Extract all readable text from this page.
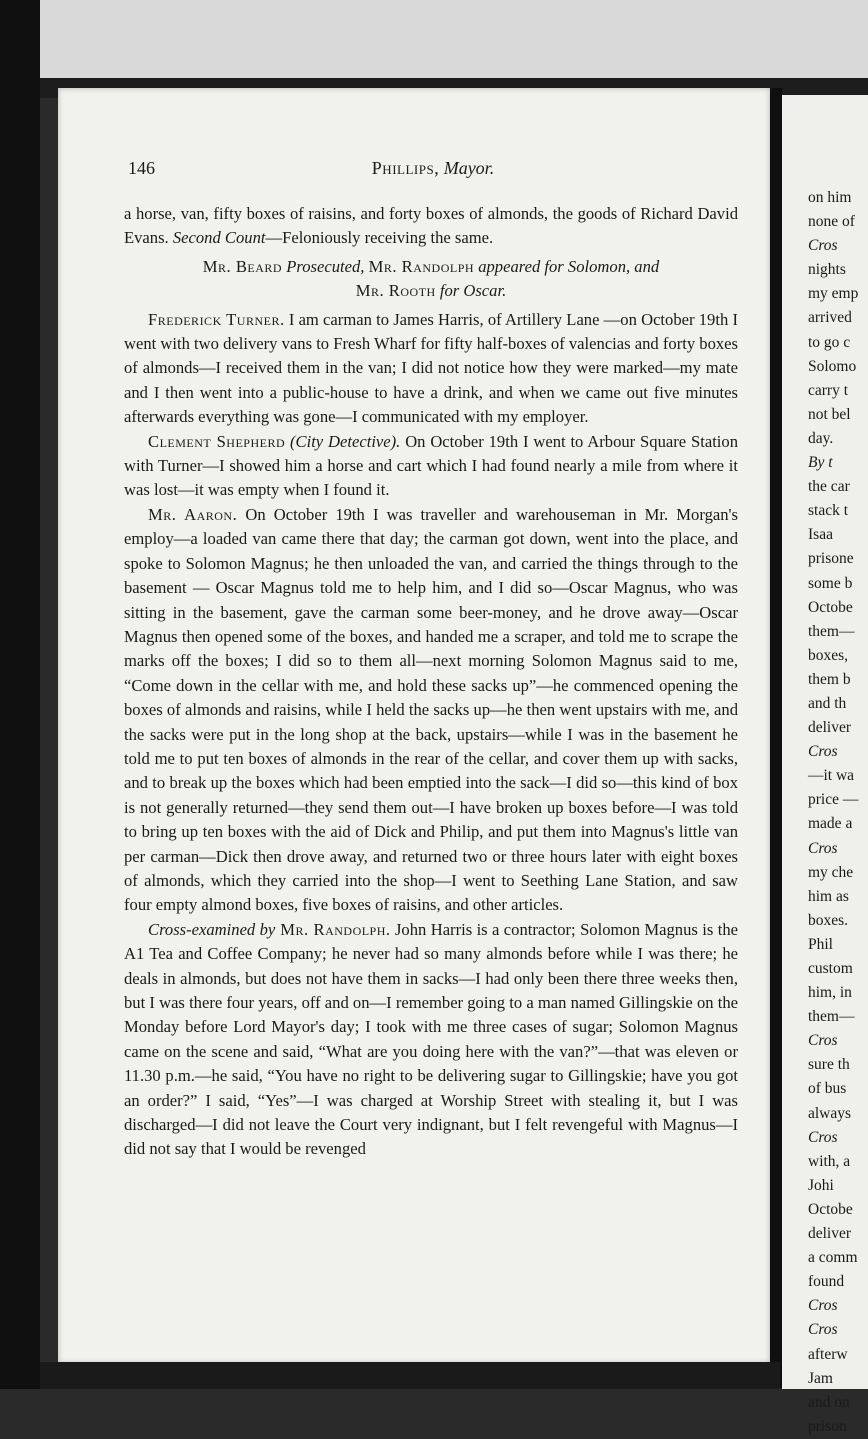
146	Phillips, Mayor.

a horse, van, fifty boxes of raisins, and forty boxes of almonds, the goods of Richard David Evans. Second Count—Feloniously receiving the same.

Mr. Beard Prosecuted, Mr. Randolph appeared for Solomon, and
Mr. Rooth for Oscar.

Frederick Turner. I am carman to James Harris, of Artillery Lane —on October 19th I went with two delivery vans to Fresh Wharf for fifty half-boxes of valencias and forty boxes of almonds—I received them in the van; I did not notice how they were marked—my mate and I then went into a public-house to have a drink, and when we came out five minutes afterwards everything was gone—I communicated with my employer.

Clement Shepherd (City Detective). On October 19th I went to Arbour Square Station with Turner—I showed him a horse and cart which I had found nearly a mile from where it was lost—it was empty when I found it.

Mr. Aaron. On October 19th I was traveller and warehouseman in Mr. Morgan's employ—a loaded van came there that day; the carman got down, went into the place, and spoke to Solomon Magnus; he then unloaded the van, and carried the things through to the basement — Oscar Magnus told me to help him, and I did so—Oscar Magnus, who was sitting in the basement, gave the carman some beer-money, and he drove away—Oscar Magnus then opened some of the boxes, and handed me a scraper, and told me to scrape the marks off the boxes; I did so to them all—next morning Solomon Magnus said to me, “Come down in the cellar with me, and hold these sacks up”—he commenced opening the boxes of almonds and raisins, while I held the sacks up—he then went upstairs with me, and the sacks were put in the long shop at the back, upstairs—while I was in the basement he told me to put ten boxes of almonds in the rear of the cellar, and cover them up with sacks, and to break up the boxes which had been emptied into the sack—I did so—this kind of box is not generally returned—they send them out—I have broken up boxes before—I was told to bring up ten boxes with the aid of Dick and Philip, and put them into Magnus's little van per carman—Dick then drove away, and returned two or three hours later with eight boxes of almonds, which they carried into the shop—I went to Seething Lane Station, and saw four empty almond boxes, five boxes of raisins, and other articles.

Cross-examined by Mr. Randolph. John Harris is a contractor; Solomon Magnus is the A1 Tea and Coffee Company; he never had so many almonds before while I was there; he deals in almonds, but does not have them in sacks—I had only been there three weeks then, but I was there four years, off and on—I remember going to a man named Gillingskie on the Monday before Lord Mayor's day; I took with me three cases of sugar; Solomon Magnus came on the scene and said, “What are you doing here with the van?”—that was eleven or 11.30 p.m.—he said, “You have no right to be delivering sugar to Gillingskie; have you got an order?” I said, “Yes”—I was charged at Worship Street with stealing it, but I was discharged—I did not leave the Court very indignant, but I felt revengeful with Magnus—I did not say that I would be revenged

on him
none of
Cros
nights
my emp
arrived
to go c
Solomo
carry t
not bel
day.
By t
the car
stack t
Isaa
prisone
some b
Octobe
them—
boxes,
them b
and th
deliver
Cros
—it wa
price —
made a
Cros
my che
him as
boxes.
Phil
custom
him, in
them—
Cros
sure th
of bus
always
Cros
with, a
Johi
Octobe
deliver
a comm
found
Cros
Cros
afterw
Jam
and on
prison
